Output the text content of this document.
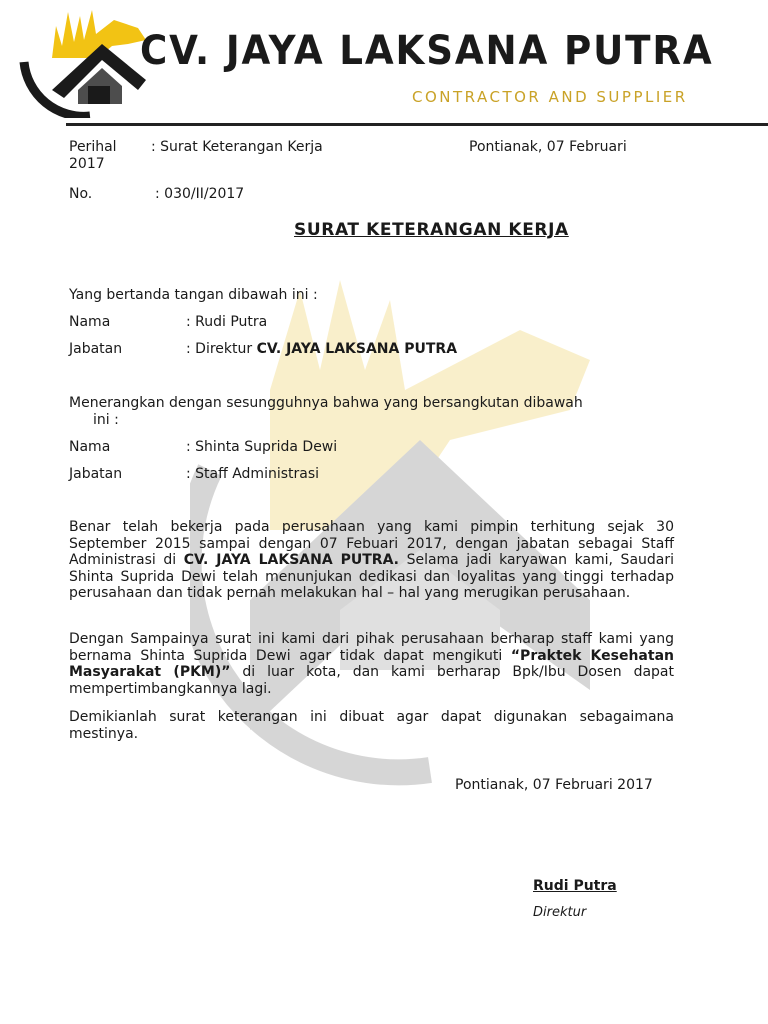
CV. JAYA LAKSANA PUTRA
CONTRACTOR AND SUPPLIER
Perihal : Surat Keterangan Kerja	Pontianak, 07 Februari
2017
No.	: 030/II/2017
SURAT KETERANGAN KERJA
Yang bertanda tangan dibawah ini :
Nama	: Rudi Putra
Jabatan	: Direktur CV. JAYA LAKSANA PUTRA
Menerangkan dengan sesungguhnya bahwa yang bersangkutan dibawah
ini :
Nama	: Shinta Suprida Dewi
Jabatan	: Staff Administrasi
Benar telah bekerja pada perusahaan yang kami pimpin terhitung sejak 30 September 2015 sampai dengan 07 Febuari 2017, dengan jabatan sebagai Staff Administrasi di CV. JAYA LAKSANA PUTRA. Selama jadi karyawan kami, Saudari Shinta Suprida Dewi telah menunjukan dedikasi dan loyalitas yang tinggi terhadap perusahaan dan tidak pernah melakukan hal – hal yang merugikan perusahaan.
Dengan Sampainya surat ini kami dari pihak perusahaan berharap staff kami yang bernama Shinta Suprida Dewi agar tidak dapat mengikuti “Praktek Kesehatan Masyarakat (PKM)” di luar kota, dan kami berharap Bpk/Ibu Dosen dapat mempertimbangkannya lagi.
Demikianlah surat keterangan ini dibuat agar dapat digunakan sebagaimana mestinya.
Pontianak, 07 Februari 2017
Rudi Putra
Direktur
